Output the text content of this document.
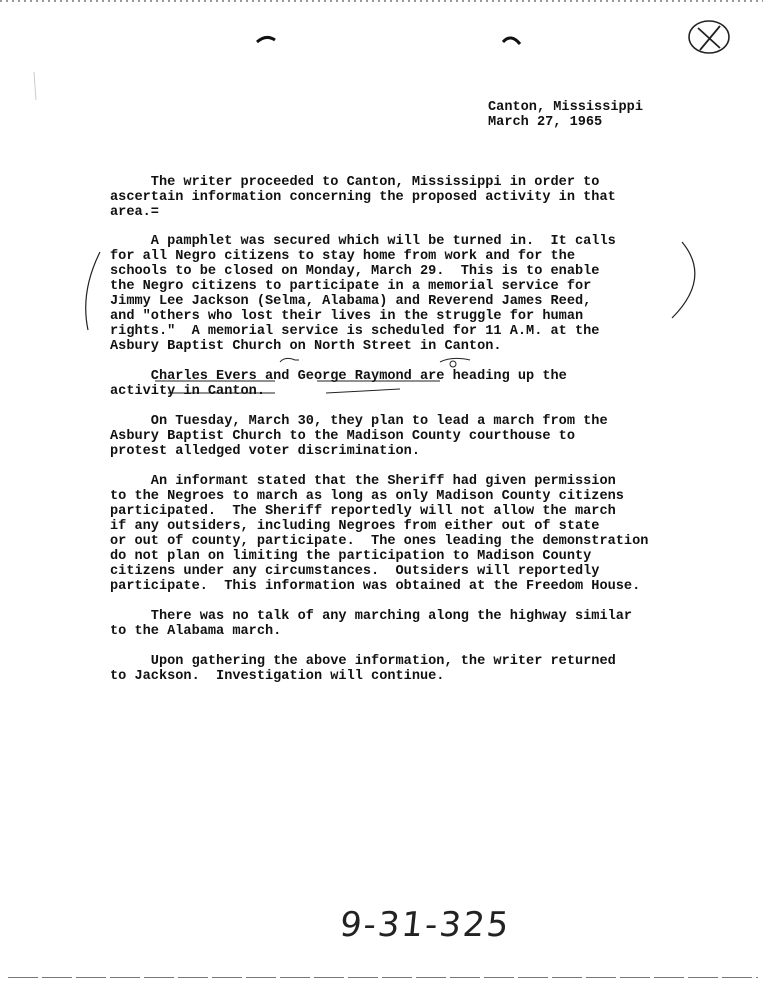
Canton, Mississippi
March 27, 1965

The writer proceeded to Canton, Mississippi in order to
ascertain information concerning the proposed activity in that
area.=

A pamphlet was secured which will be turned in.  It calls
for all Negro citizens to stay home from work and for the
schools to be closed on Monday, March 29.  This is to enable
the Negro citizens to participate in a memorial service for
Jimmy Lee Jackson (Selma, Alabama) and Reverend James Reed,
and "others who lost their lives in the struggle for human
rights."  A memorial service is scheduled for 11 A.M. at the
Asbury Baptist Church on North Street in Canton.

Charles Evers and George Raymond are heading up the
activity in Canton.

On Tuesday, March 30, they plan to lead a march from the
Asbury Baptist Church to the Madison County courthouse to
protest alledged voter discrimination.

An informant stated that the Sheriff had given permission
to the Negroes to march as long as only Madison County citizens
participated.  The Sheriff reportedly will not allow the march
if any outsiders, including Negroes from either out of state
or out of county, participate.  The ones leading the demonstration
do not plan on limiting the participation to Madison County
citizens under any circumstances.  Outsiders will reportedly
participate.  This information was obtained at the Freedom House.

There was no talk of any marching along the highway similar
to the Alabama march.

Upon gathering the above information, the writer returned
to Jackson.  Investigation will continue.

9-31-325
